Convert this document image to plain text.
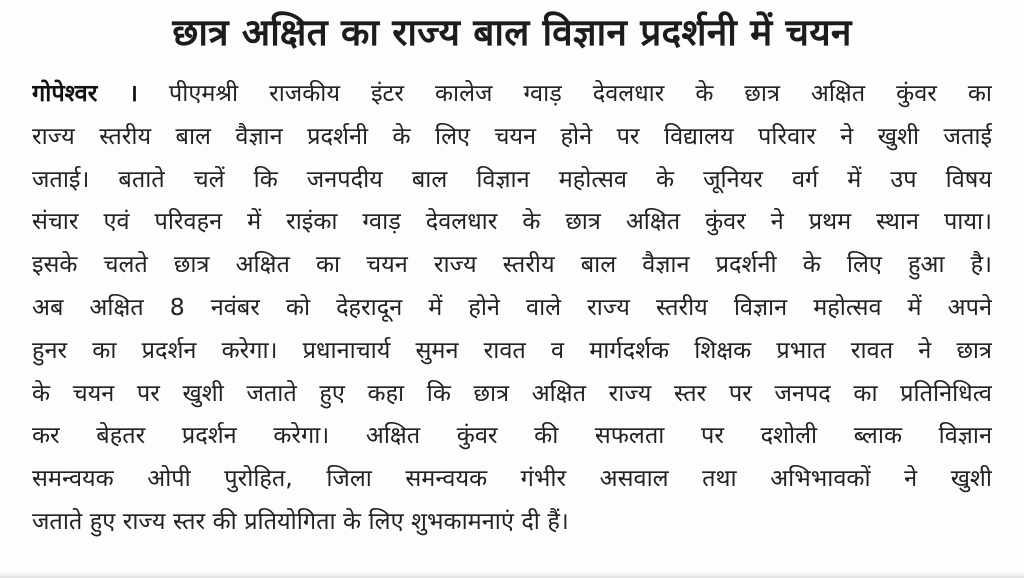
छात्र अक्षित का राज्य बाल विज्ञान प्रदर्शनी में चयन
गोपेश्वर । पीएमश्री राजकीय इंटर कालेज ग्वाड़ देवलधार के छात्र अक्षित कुंवर का
राज्य स्तरीय बाल वैज्ञान प्रदर्शनी के लिए चयन होने पर विद्यालय परिवार ने खुशी जताई
जताई। बताते चलें कि जनपदीय बाल विज्ञान महोत्सव के जूनियर वर्ग में उप विषय
संचार एवं परिवहन में राइंका ग्वाड़ देवलधार के छात्र अक्षित कुंवर ने प्रथम स्थान पाया।
इसके चलते छात्र अक्षित का चयन राज्य स्तरीय बाल वैज्ञान प्रदर्शनी के लिए हुआ है।
अब अक्षित 8 नवंबर को देहरादून में होने वाले राज्य स्तरीय विज्ञान महोत्सव में अपने
हुनर का प्रदर्शन करेगा। प्रधानाचार्य सुमन रावत व मार्गदर्शक शिक्षक प्रभात रावत ने छात्र
के चयन पर खुशी जताते हुए कहा कि छात्र अक्षित राज्य स्तर पर जनपद का प्रतिनिधित्व
कर बेहतर प्रदर्शन करेगा। अक्षित कुंवर की सफलता पर दशोली ब्लाक विज्ञान
समन्वयक ओपी पुरोहित, जिला समन्वयक गंभीर असवाल तथा अभिभावकों ने खुशी
जताते हुए राज्य स्तर की प्रतियोगिता के लिए शुभकामनाएं दी हैं।
